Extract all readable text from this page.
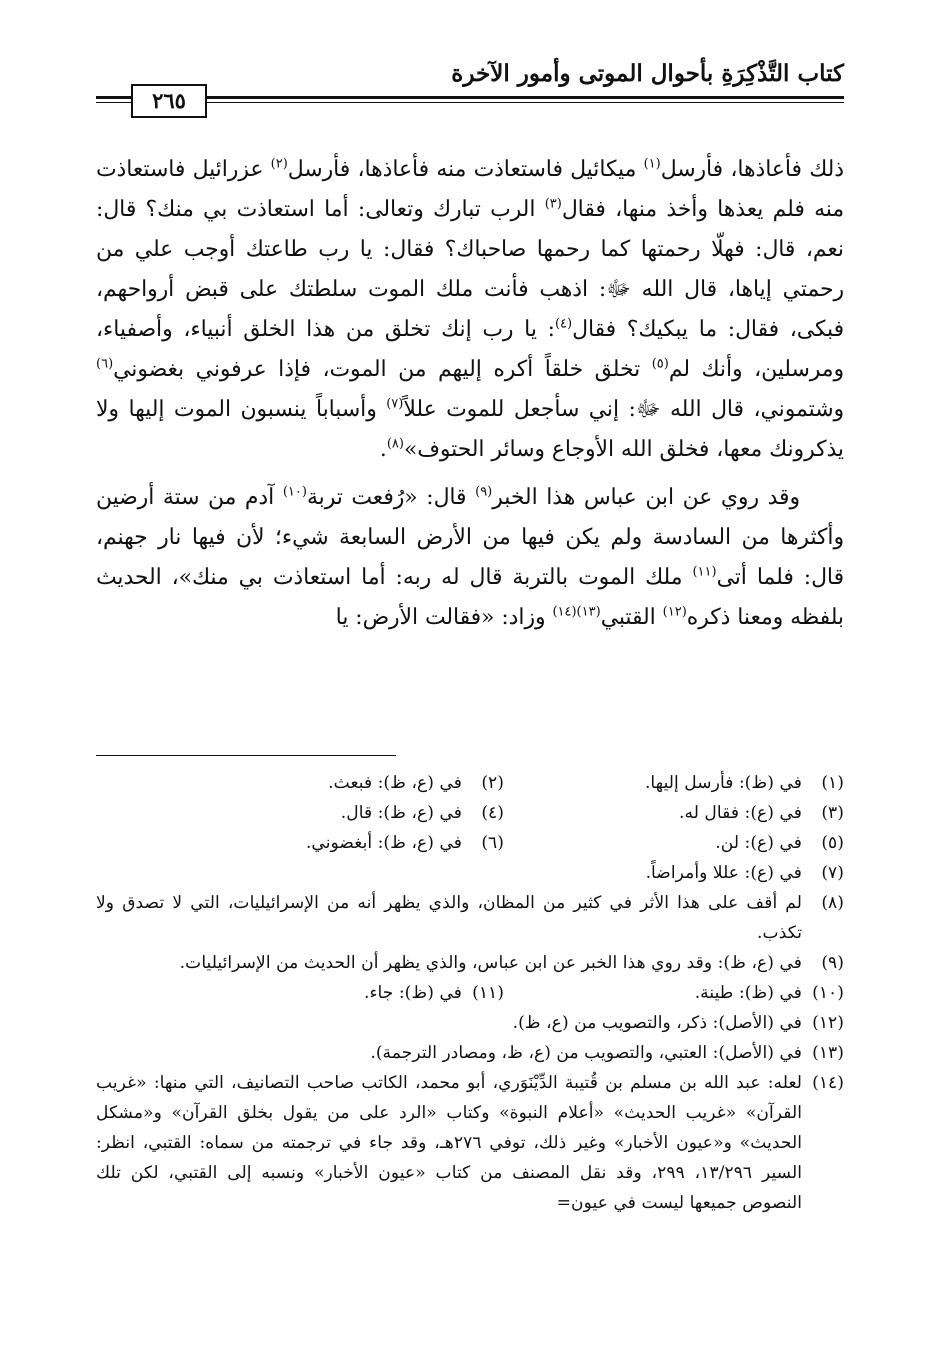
كتاب التَّذْكِرَةِ بأحوال الموتى وأمور الآخرة
٢٦٥

ذلك فأعاذها، فأرسل$^{(١)}$ ميكائيل فاستعاذت منه فأعاذها، فأرسل$^{(٢)}$ عزرائيل فاستعاذت منه فلم يعذها وأخذ منها، فقال$^{(٣)}$ الرب تبارك وتعالى: أما استعاذت بي منك؟ قال: نعم، قال: فهلّا رحمتها كما رحمها صاحباك؟ فقال: يا رب طاعتك أوجب علي من رحمتي إياها، قال الله ﷻ: اذهب فأنت ملك الموت سلطتك على قبض أرواحهم، فبكى، فقال: ما يبكيك؟ فقال$^{(٤)}$: يا رب إنك تخلق من هذا الخلق أنبياء، وأصفياء، ومرسلين، وأنك لم$^{(٥)}$ تخلق خلقاً أكره إليهم من الموت، فإذا عرفوني بغضوني$^{(٦)}$ وشتموني، قال الله ﷻ: إني سأجعل للموت عللاً$^{(٧)}$ وأسباباً ينسبون الموت إليها ولا يذكرونك معها، فخلق الله الأوجاع وسائر الحتوف»$^{(٨)}$.

وقد روي عن ابن عباس هذا الخبر$^{(٩)}$ قال: «رُفعت تربة$^{(١٠)}$ آدم من ستة أرضين وأكثرها من السادسة ولم يكن فيها من الأرض السابعة شيء؛ لأن فيها نار جهنم، قال: فلما أتى$^{(١١)}$ ملك الموت بالتربة قال له ربه: أما استعاذت بي منك»، الحديث بلفظه ومعنا ذكره$^{(١٢)}$ القتبي$^{(١٣)(١٤)}$ وزاد: «فقالت الأرض: يا

(١)في (ظ): فأرسل إليها.
(٢)في (ع، ظ): فبعث.
(٣)في (ع): فقال له.
(٤)في (ع، ظ): قال.
(٥)في (ع): لن.
(٦)في (ع، ظ): أبغضوني.
(٧)في (ع): عللا وأمراضاً.
(٨)لم أقف على هذا الأثر في كثير من المظان، والذي يظهر أنه من الإسرائيليات، التي لا تصدق ولا تكذب.
(٩)في (ع، ظ): وقد روي هذا الخبر عن ابن عباس، والذي يظهر أن الحديث من الإسرائيليات.
(١٠)في (ظ): طينة.
(١١)في (ظ): جاء.
(١٢)في (الأصل): ذكر، والتصويب من (ع، ظ).
(١٣)في (الأصل): العتبي، والتصويب من (ع، ظ، ومصادر الترجمة).
(١٤)لعله: عبد الله بن مسلم بن قُتيبة الدِّيْنَوَري، أبو محمد، الكاتب صاحب التصانيف، التي منها: «غريب القرآن» «غريب الحديث» «أعلام النبوة» وكتاب «الرد على من يقول بخلق القرآن» و«مشكل الحديث» و«عيون الأخبار» وغير ذلك، توفي ٢٧٦هـ، وقد جاء في ترجمته من سماه: القتبي، انظر: السير ١٣/٢٩٦، ٢٩٩، وقد نقل المصنف من كتاب «عيون الأخبار» ونسبه إلى القتبي، لكن تلك النصوص جميعها ليست في عيون=
